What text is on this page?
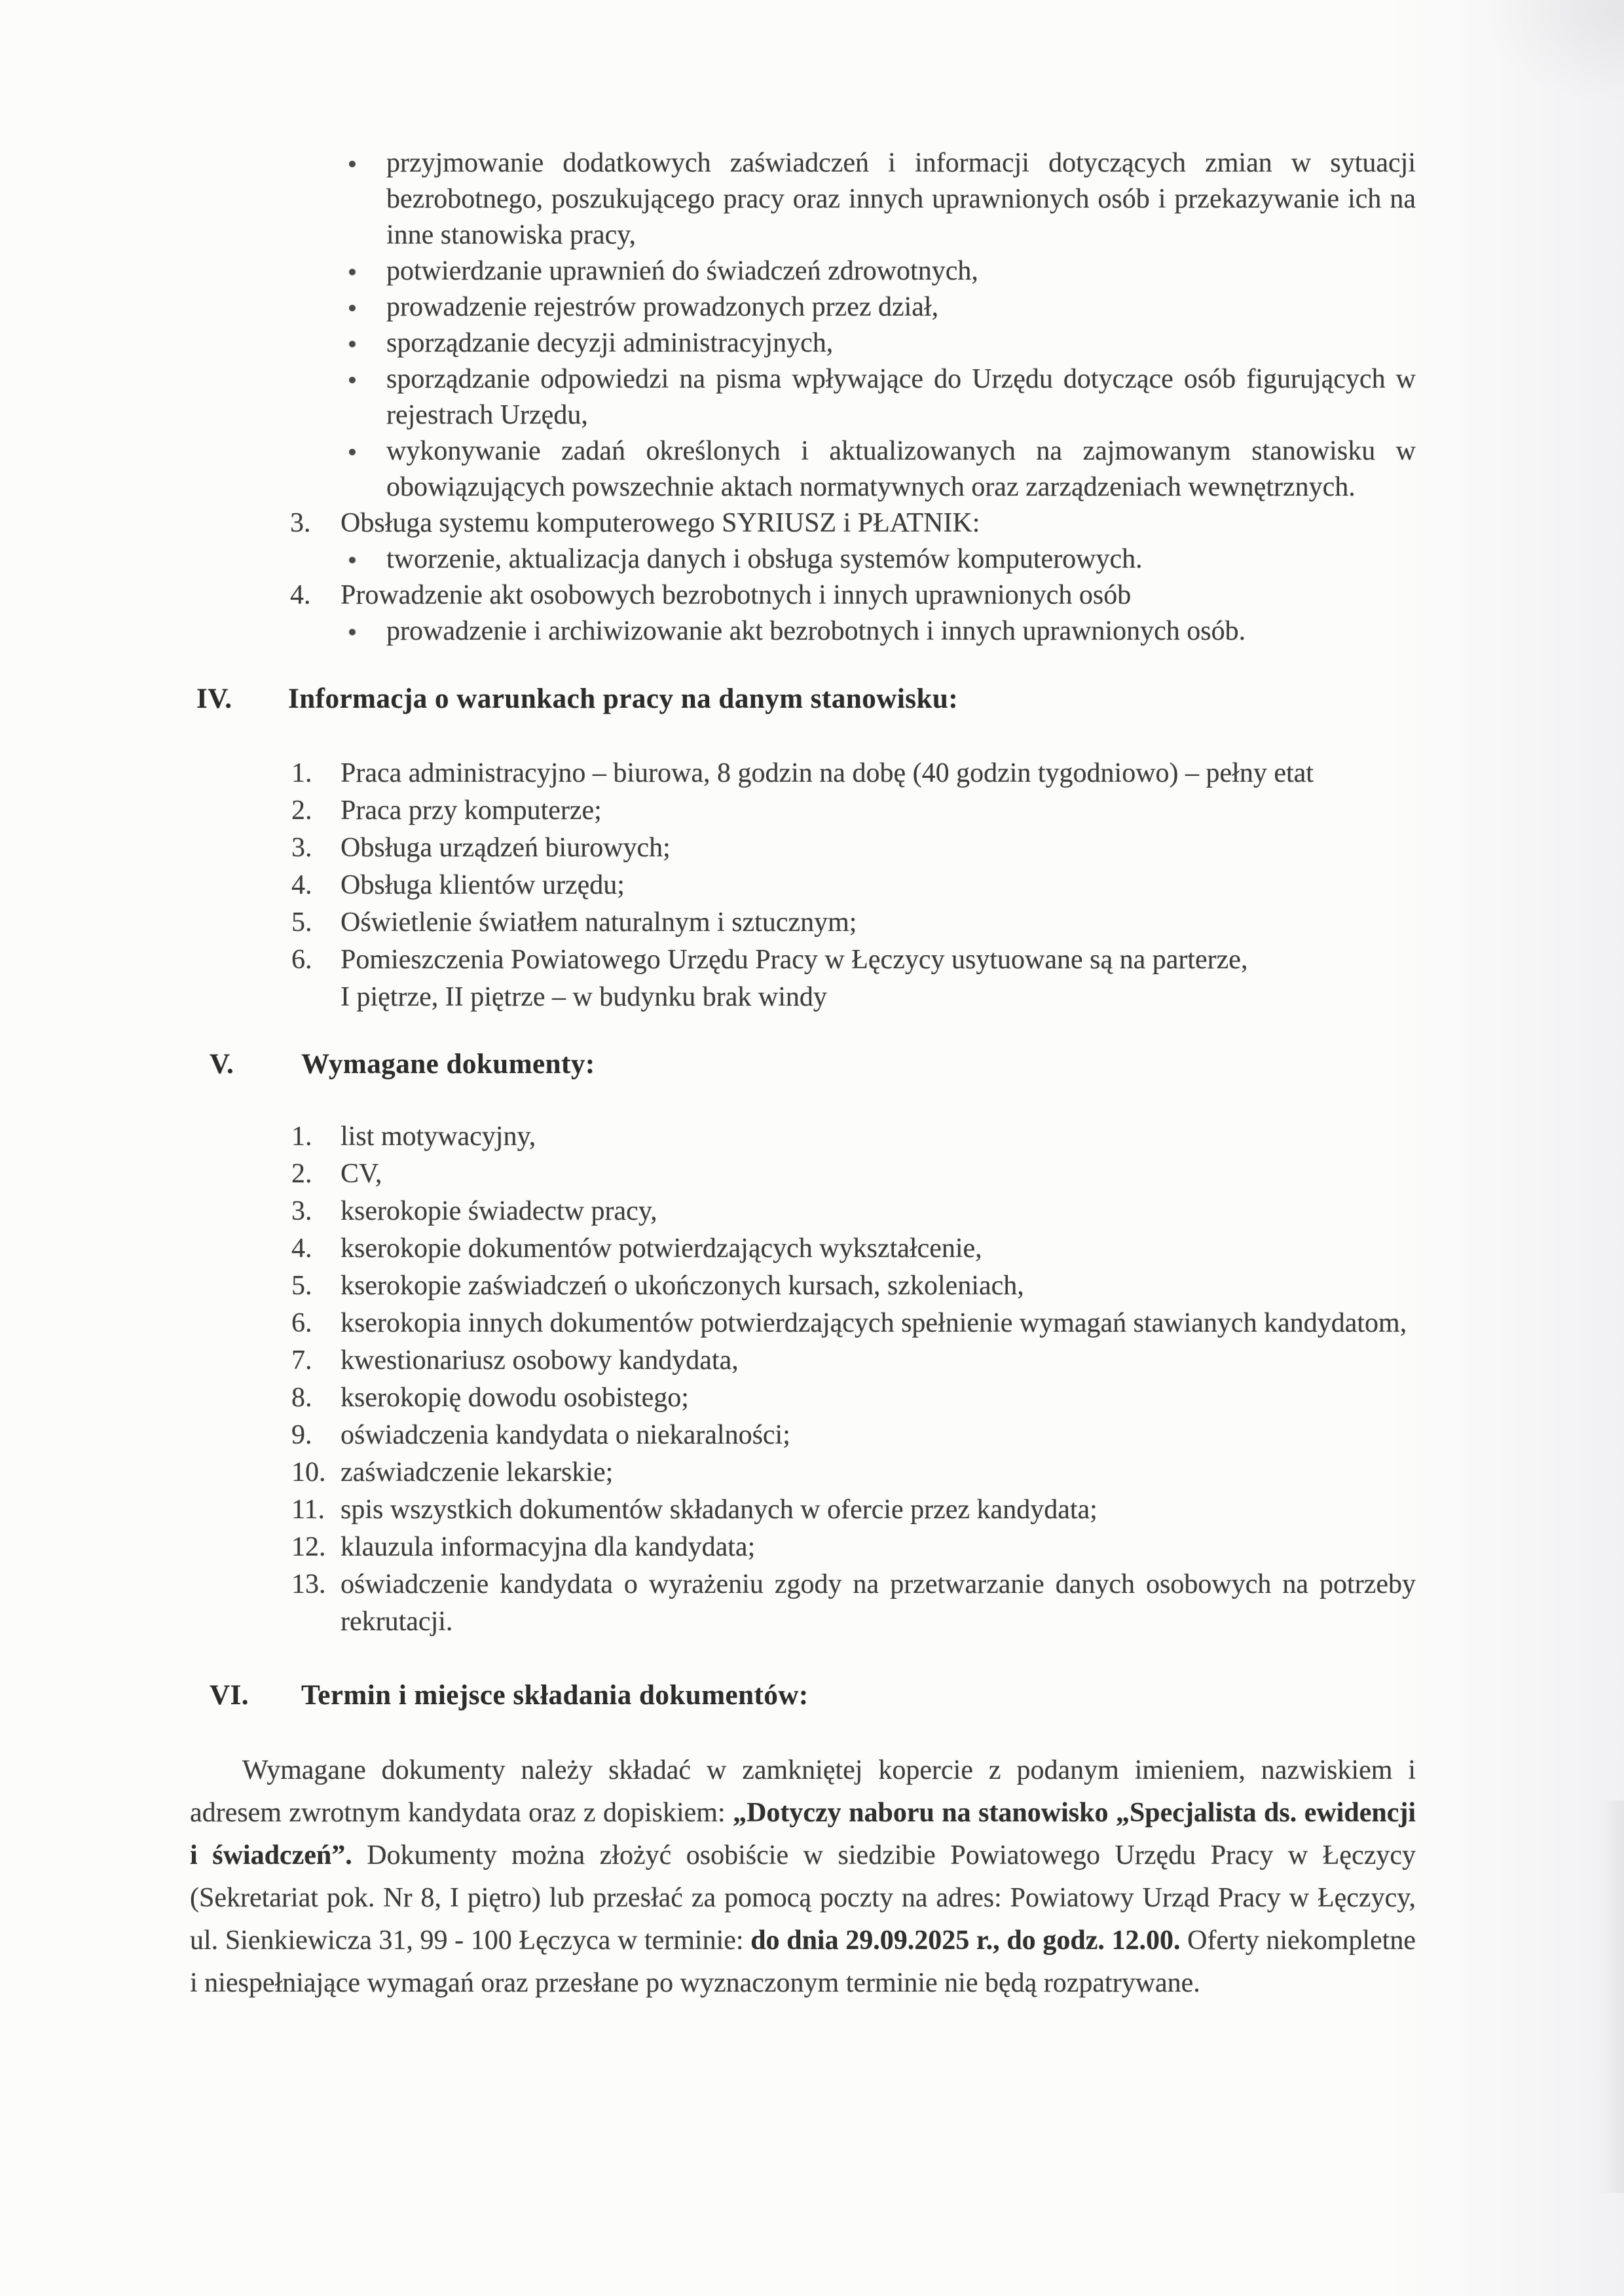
● przyjmowanie dodatkowych zaświadczeń i informacji dotyczących zmian w sytuacji bezrobotnego, poszukującego pracy oraz innych uprawnionych osób i przekazywanie ich na inne stanowiska pracy,
● potwierdzanie uprawnień do świadczeń zdrowotnych,
● prowadzenie rejestrów prowadzonych przez dział,
● sporządzanie decyzji administracyjnych,
● sporządzanie odpowiedzi na pisma wpływające do Urzędu dotyczące osób figurujących w rejestrach Urzędu,
● wykonywanie zadań określonych i aktualizowanych na zajmowanym stanowisku w obowiązujących powszechnie aktach normatywnych oraz zarządzeniach wewnętrznych.
3.	Obsługa systemu komputerowego SYRIUSZ i PŁATNIK:
● tworzenie, aktualizacja danych i obsługa systemów komputerowych.
4.	Prowadzenie akt osobowych bezrobotnych i innych uprawnionych osób
● prowadzenie i archiwizowanie akt bezrobotnych i innych uprawnionych osób.
IV.	Informacja o warunkach pracy na danym stanowisku:
1.	Praca administracyjno – biurowa, 8 godzin na dobę (40 godzin tygodniowo) – pełny etat
2.	Praca przy komputerze;
3.	Obsługa urządzeń biurowych;
4.	Obsługa klientów urzędu;
5.	Oświetlenie światłem naturalnym i sztucznym;
6.	Pomieszczenia Powiatowego Urzędu Pracy w Łęczycy usytuowane są na parterze,
I piętrze, II piętrze – w budynku brak windy
V.	Wymagane dokumenty:
1.	list motywacyjny,
2.	CV,
3.	kserokopie świadectw pracy,
4.	kserokopie dokumentów potwierdzających wykształcenie,
5.	kserokopie zaświadczeń o ukończonych kursach, szkoleniach,
6.	kserokopia innych dokumentów potwierdzających spełnienie wymagań stawianych kandydatom,
7.	kwestionariusz osobowy kandydata,
8.	kserokopię dowodu osobistego;
9.	oświadczenia kandydata o niekaralności;
10. zaświadczenie lekarskie;
11. spis wszystkich dokumentów składanych w ofercie przez kandydata;
12. klauzula informacyjna dla kandydata;
13. oświadczenie kandydata o wyrażeniu zgody na przetwarzanie danych osobowych na potrzeby rekrutacji.
VI.	Termin i miejsce składania dokumentów:

Wymagane dokumenty należy składać w zamkniętej kopercie z podanym imieniem, nazwiskiem i adresem zwrotnym kandydata oraz z dopiskiem: „Dotyczy naboru na stanowisko „Specjalista ds. ewidencji i świadczeń”. Dokumenty można złożyć osobiście w siedzibie Powiatowego Urzędu Pracy w Łęczycy (Sekretariat pok. Nr 8, I piętro) lub przesłać za pomocą poczty na adres: Powiatowy Urząd Pracy w Łęczycy, ul. Sienkiewicza 31, 99 - 100 Łęczyca w terminie: do dnia 29.09.2025 r., do godz. 12.00. Oferty niekompletne i niespełniające wymagań oraz przesłane po wyznaczonym terminie nie będą rozpatrywane.
